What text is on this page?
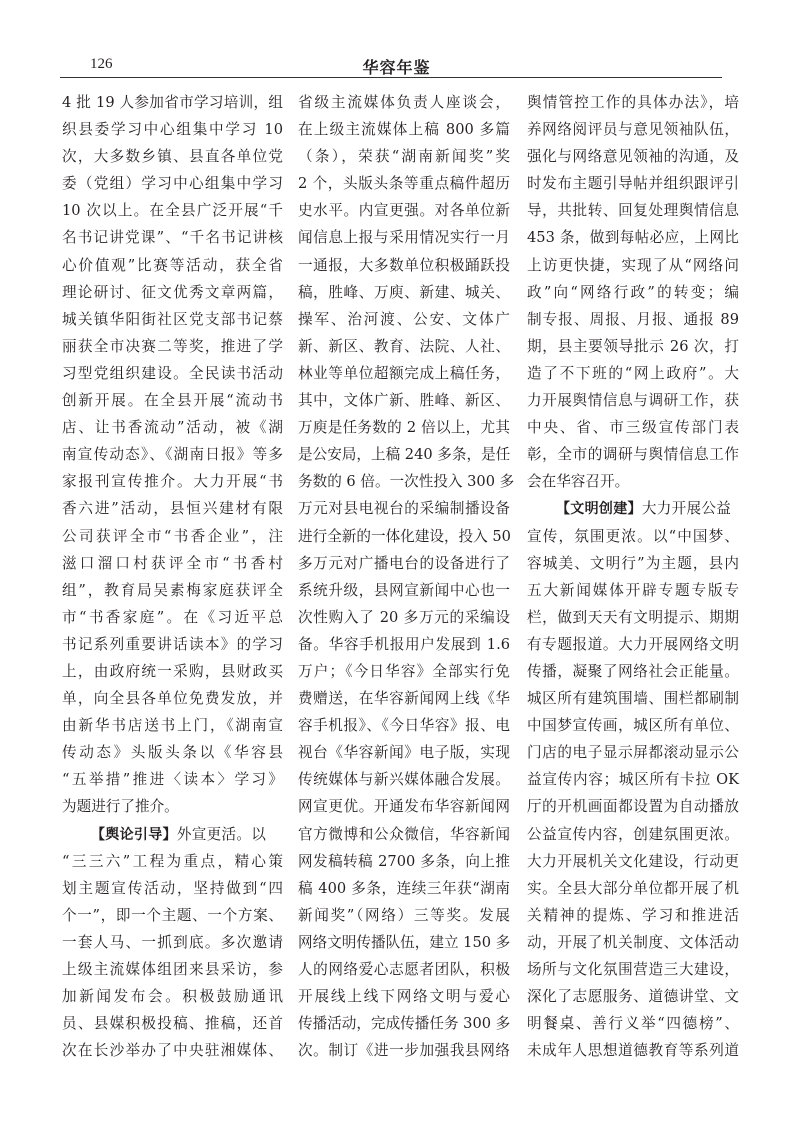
126	华容年鉴
4 批 19 人参加省市学习培训，组
织县委学习中心组集中学习 10
次，大多数乡镇、县直各单位党
委（党组）学习中心组集中学习
10 次以上。在全县广泛开展“千
名书记讲党课”、“千名书记讲核
心价值观”比赛等活动，获全省
理论研讨、征文优秀文章两篇，
城关镇华阳街社区党支部书记蔡
丽获全市决赛二等奖，推进了学
习型党组织建设。全民读书活动
创新开展。在全县开展“流动书
店、让书香流动”活动，被《湖
南宣传动态》、《湖南日报》等多
家报刊宣传推介。大力开展“书
香六进”活动，县恒兴建材有限
公司获评全市“书香企业”，注
滋口溜口村获评全市“书香村
组”，教育局吴素梅家庭获评全
市“书香家庭”。在《习近平总
书记系列重要讲话读本》的学习
上，由政府统一采购，县财政买
单，向全县各单位免费发放，并
由新华书店送书上门，《湖南宣
传动态》头版头条以《华容县
“五举措”推进〈读本〉学习》
为题进行了推介。
【舆论引导】外宣更活。以
“三三六”工程为重点，精心策
划主题宣传活动，坚持做到“四
个一”，即一个主题、一个方案、
一套人马、一抓到底。多次邀请
上级主流媒体组团来县采访，参
加新闻发布会。积极鼓励通讯
员、县媒积极投稿、推稿，还首
次在长沙举办了中央驻湘媒体、
省级主流媒体负责人座谈会，
在上级主流媒体上稿 800 多篇
（条），荣获“湖南新闻奖”奖
2 个，头版头条等重点稿件超历
史水平。内宣更强。对各单位新
闻信息上报与采用情况实行一月
一通报，大多数单位积极踊跃投
稿，胜峰、万庾、新建、城关、
操军、治河渡、公安、文体广
新、新区、教育、法院、人社、
林业等单位超额完成上稿任务，
其中，文体广新、胜峰、新区、
万庾是任务数的 2 倍以上，尤其
是公安局，上稿 240 多条，是任
务数的 6 倍。一次性投入 300 多
万元对县电视台的采编制播设备
进行全新的一体化建设，投入 50
多万元对广播电台的设备进行了
系统升级，县网宣新闻中心也一
次性购入了 20 多万元的采编设
备。华容手机报用户发展到 1.6
万户；《今日华容》全部实行免
费赠送，在华容新闻网上线《华
容手机报》、《今日华容》报、电
视台《华容新闻》电子版，实现
传统媒体与新兴媒体融合发展。
网宣更优。开通发布华容新闻网
官方微博和公众微信，华容新闻
网发稿转稿 2700 多条，向上推
稿 400 多条，连续三年获“湖南
新闻奖”（网络）三等奖。发展
网络文明传播队伍，建立 150 多
人的网络爱心志愿者团队，积极
开展线上线下网络文明与爱心
传播活动，完成传播任务 300 多
次。制订《进一步加强我县网络
舆情管控工作的具体办法》，培
养网络阅评员与意见领袖队伍，
强化与网络意见领袖的沟通，及
时发布主题引导帖并组织跟评引
导，共批转、回复处理舆情信息
453 条，做到每帖必应，上网比
上访更快捷，实现了从“网络问
政”向“网络行政”的转变；编
制专报、周报、月报、通报 89
期，县主要领导批示 26 次，打
造了不下班的“网上政府”。大
力开展舆情信息与调研工作，获
中央、省、市三级宣传部门表
彰，全市的调研与舆情信息工作
会在华容召开。
【文明创建】大力开展公益
宣传，氛围更浓。以“中国梦、
容城美、文明行”为主题，县内
五大新闻媒体开辟专题专版专
栏，做到天天有文明提示、期期
有专题报道。大力开展网络文明
传播，凝聚了网络社会正能量。
城区所有建筑围墙、围栏都刷制
中国梦宣传画，城区所有单位、
门店的电子显示屏都滚动显示公
益宣传内容；城区所有卡拉 OK
厅的开机画面都设置为自动播放
公益宣传内容，创建氛围更浓。
大力开展机关文化建设，行动更
实。全县大部分单位都开展了机
关精神的提炼、学习和推进活
动，开展了机关制度、文体活动
场所与文化氛围营造三大建设，
深化了志愿服务、道德讲堂、文
明餐桌、善行义举“四德榜”、
未成年人思想道德教育等系列道
